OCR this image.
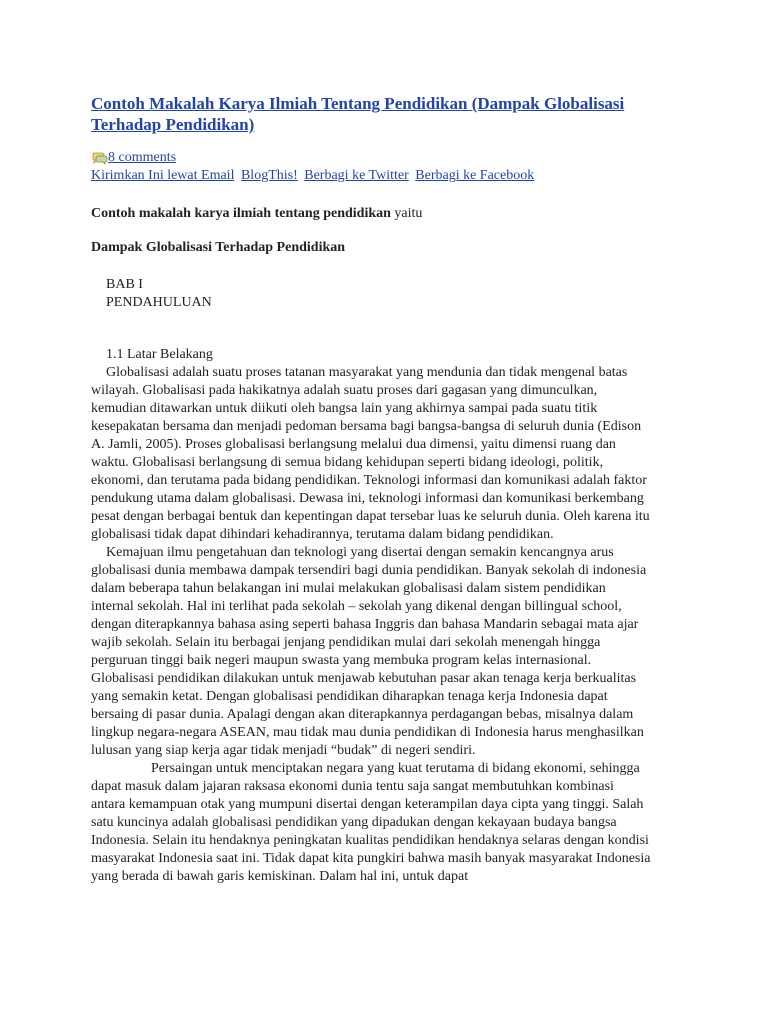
Contoh Makalah Karya Ilmiah Tentang Pendidikan (Dampak Globalisasi Terhadap Pendidikan)
8 comments
Kirimkan Ini lewat Email BlogThis! Berbagi ke Twitter Berbagi ke Facebook

Contoh makalah karya ilmiah tentang pendidikan yaitu

Dampak Globalisasi Terhadap Pendidikan

BAB I
PENDAHULUAN

1.1 Latar Belakang

Globalisasi adalah suatu proses tatanan masyarakat yang mendunia dan tidak mengenal batas wilayah. Globalisasi pada hakikatnya adalah suatu proses dari gagasan yang dimunculkan, kemudian ditawarkan untuk diikuti oleh bangsa lain yang akhirnya sampai pada suatu titik kesepakatan bersama dan menjadi pedoman bersama bagi bangsa-bangsa di seluruh dunia (Edison A. Jamli, 2005). Proses globalisasi berlangsung melalui dua dimensi, yaitu dimensi ruang dan waktu. Globalisasi berlangsung di semua bidang kehidupan seperti bidang ideologi, politik, ekonomi, dan terutama pada bidang pendidikan. Teknologi informasi dan komunikasi adalah faktor pendukung utama dalam globalisasi. Dewasa ini, teknologi informasi dan komunikasi berkembang pesat dengan berbagai bentuk dan kepentingan dapat tersebar luas ke seluruh dunia. Oleh karena itu globalisasi tidak dapat dihindari kehadirannya, terutama dalam bidang pendidikan.

Kemajuan ilmu pengetahuan dan teknologi yang disertai dengan semakin kencangnya arus globalisasi dunia membawa dampak tersendiri bagi dunia pendidikan. Banyak sekolah di indonesia dalam beberapa tahun belakangan ini mulai melakukan globalisasi dalam sistem pendidikan internal sekolah. Hal ini terlihat pada sekolah – sekolah yang dikenal dengan billingual school, dengan diterapkannya bahasa asing seperti bahasa Inggris dan bahasa Mandarin sebagai mata ajar wajib sekolah. Selain itu berbagai jenjang pendidikan mulai dari sekolah menengah hingga perguruan tinggi baik negeri maupun swasta yang membuka program kelas internasional. Globalisasi pendidikan dilakukan untuk menjawab kebutuhan pasar akan tenaga kerja berkualitas yang semakin ketat. Dengan globalisasi pendidikan diharapkan tenaga kerja Indonesia dapat bersaing di pasar dunia. Apalagi dengan akan diterapkannya perdagangan bebas, misalnya dalam lingkup negara-negara ASEAN, mau tidak mau dunia pendidikan di Indonesia harus menghasilkan lulusan yang siap kerja agar tidak menjadi “budak” di negeri sendiri.

Persaingan untuk menciptakan negara yang kuat terutama di bidang ekonomi, sehingga dapat masuk dalam jajaran raksasa ekonomi dunia tentu saja sangat membutuhkan kombinasi antara kemampuan otak yang mumpuni disertai dengan keterampilan daya cipta yang tinggi. Salah satu kuncinya adalah globalisasi pendidikan yang dipadukan dengan kekayaan budaya bangsa Indonesia. Selain itu hendaknya peningkatan kualitas pendidikan hendaknya selaras dengan kondisi masyarakat Indonesia saat ini. Tidak dapat kita pungkiri bahwa masih banyak masyarakat Indonesia yang berada di bawah garis kemiskinan. Dalam hal ini, untuk dapat
